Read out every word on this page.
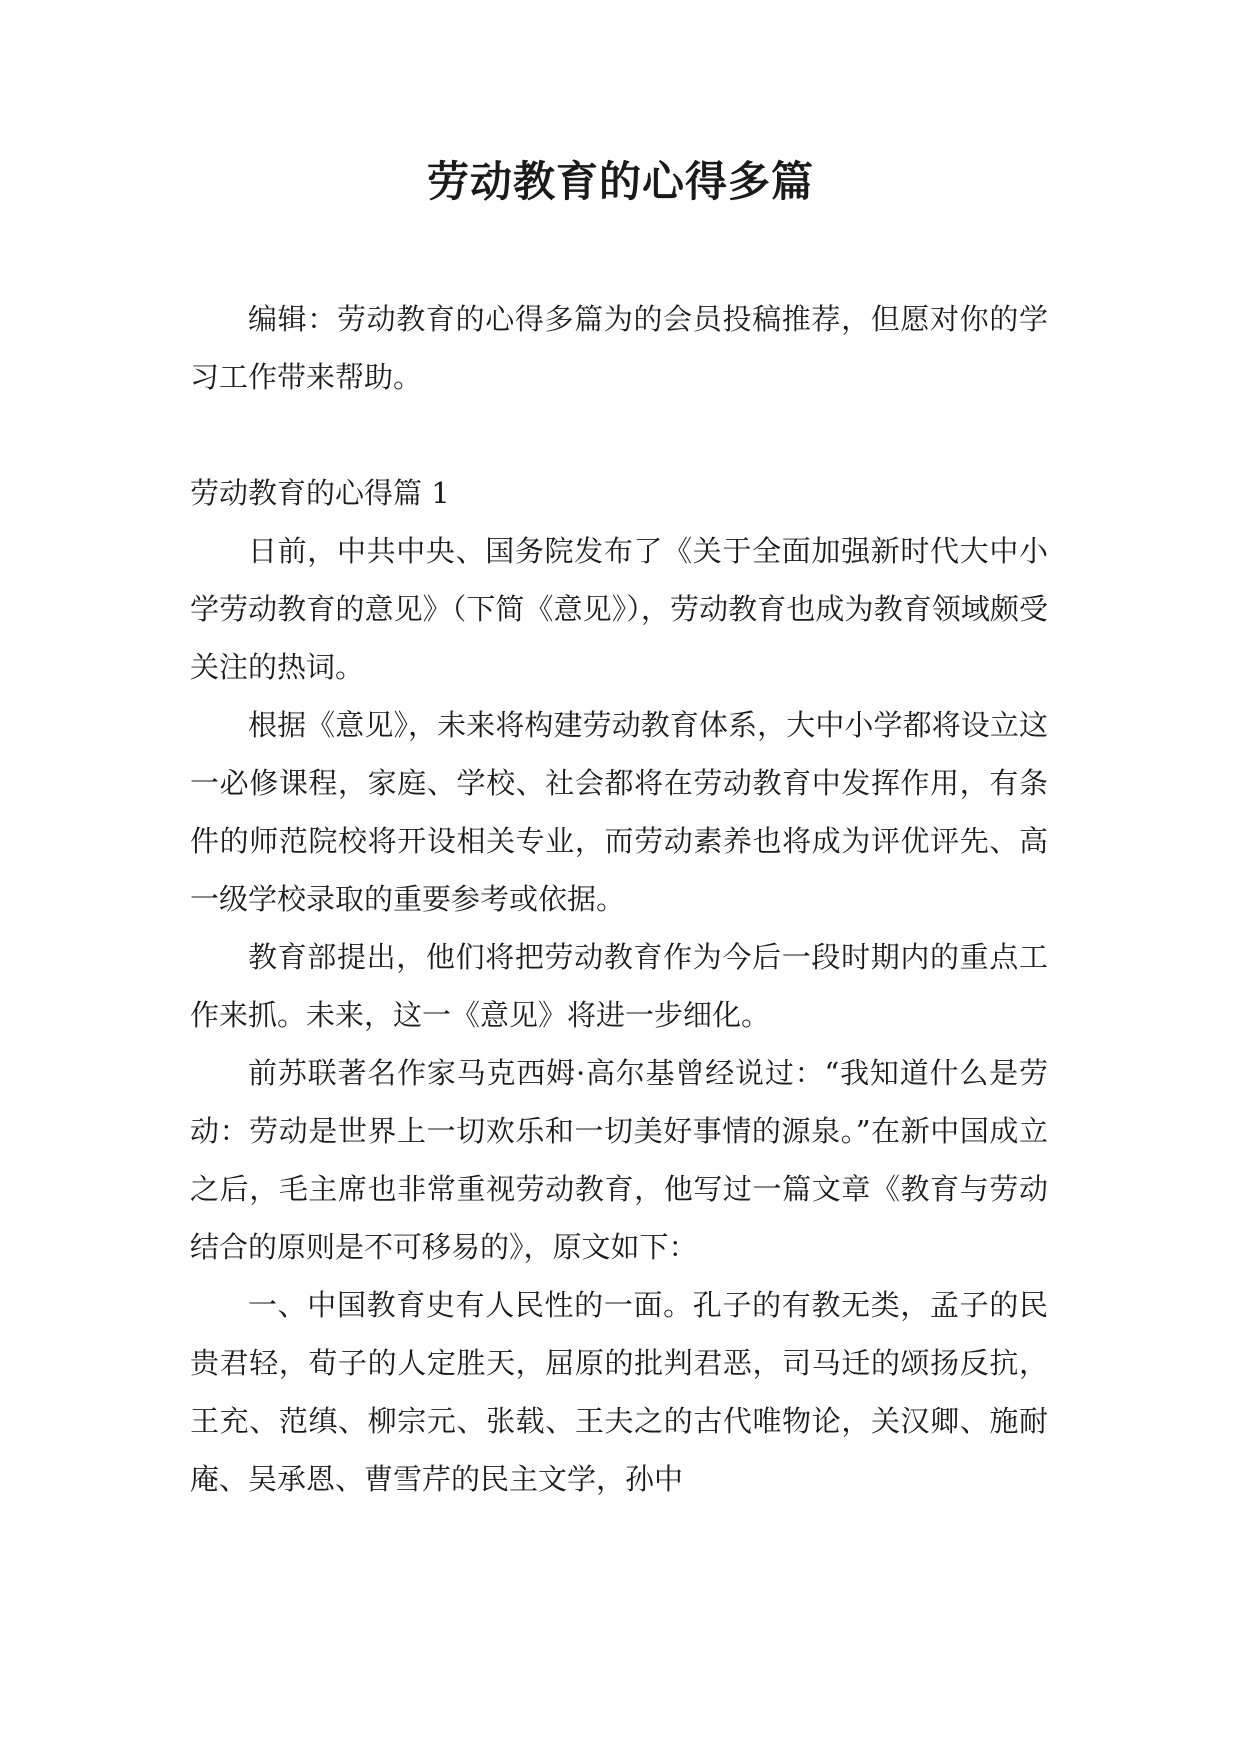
劳动教育的心得多篇

编辑：劳动教育的心得多篇为的会员投稿推荐，但愿对你的学习工作带来帮助。

劳动教育的心得篇 1

日前，中共中央、国务院发布了《关于全面加强新时代大中小学劳动教育的意见》（下简《意见》），劳动教育也成为教育领域颇受关注的热词。

根据《意见》，未来将构建劳动教育体系，大中小学都将设立这一必修课程，家庭、学校、社会都将在劳动教育中发挥作用，有条件的师范院校将开设相关专业，而劳动素养也将成为评优评先、高一级学校录取的重要参考或依据。

教育部提出，他们将把劳动教育作为今后一段时期内的重点工作来抓。未来，这一《意见》将进一步细化。

前苏联著名作家马克西姆·高尔基曾经说过：“我知道什么是劳动：劳动是世界上一切欢乐和一切美好事情的源泉。”在新中国成立之后，毛主席也非常重视劳动教育，他写过一篇文章《教育与劳动结合的原则是不可移易的》，原文如下：

一、中国教育史有人民性的一面。孔子的有教无类，孟子的民贵君轻，荀子的人定胜天，屈原的批判君恶，司马迁的颂扬反抗，王充、范缜、柳宗元、张载、王夫之的古代唯物论，关汉卿、施耐庵、吴承恩、曹雪芹的民主文学，孙中
